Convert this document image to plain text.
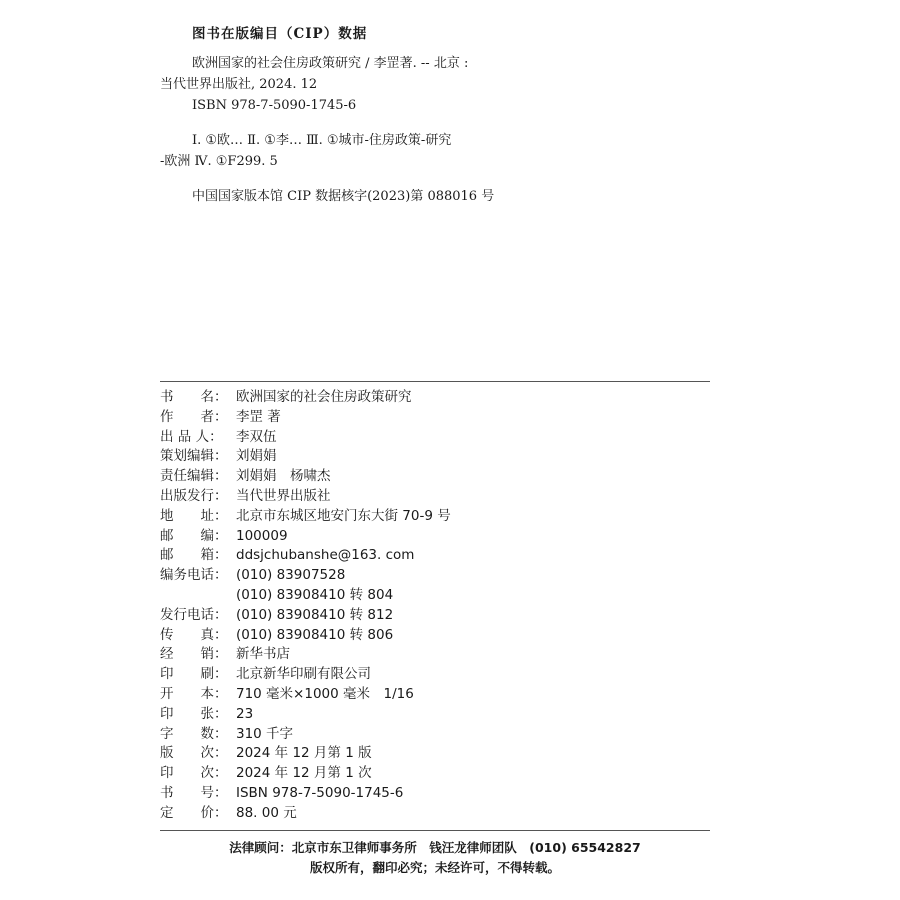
图书在版编目（CIP）数据
欧洲国家的社会住房政策研究 / 李罡著. -- 北京 :
当代世界出版社, 2024. 12
ISBN 978-7-5090-1745-6
Ⅰ. ①欧… Ⅱ. ①李… Ⅲ. ①城市-住房政策-研究
-欧洲 Ⅳ. ①F299. 5
中国国家版本馆 CIP 数据核字(2023)第 088016 号
书　　名： 欧洲国家的社会住房政策研究
作　　者： 李罡 著
出 品 人： 李双伍
策划编辑： 刘娟娟
责任编辑： 刘娟娟　杨啸杰
出版发行： 当代世界出版社
地　　址： 北京市东城区地安门东大街 70-9 号
邮　　编： 100009
邮　　箱： ddsjchubanshe@163. com
编务电话： (010) 83907528
(010) 83908410 转 804
发行电话： (010) 83908410 转 812
传　　真： (010) 83908410 转 806
经　　销： 新华书店
印　　刷： 北京新华印刷有限公司
开　　本： 710 毫米×1000 毫米　1/16
印　　张： 23
字　　数： 310 千字
版　　次： 2024 年 12 月第 1 版
印　　次： 2024 年 12 月第 1 次
书　　号： ISBN 978-7-5090-1745-6
定　　价： 88. 00 元
法律顾问：北京市东卫律师事务所　钱汪龙律师团队　(010) 65542827
版权所有，翻印必究；未经许可，不得转载。
